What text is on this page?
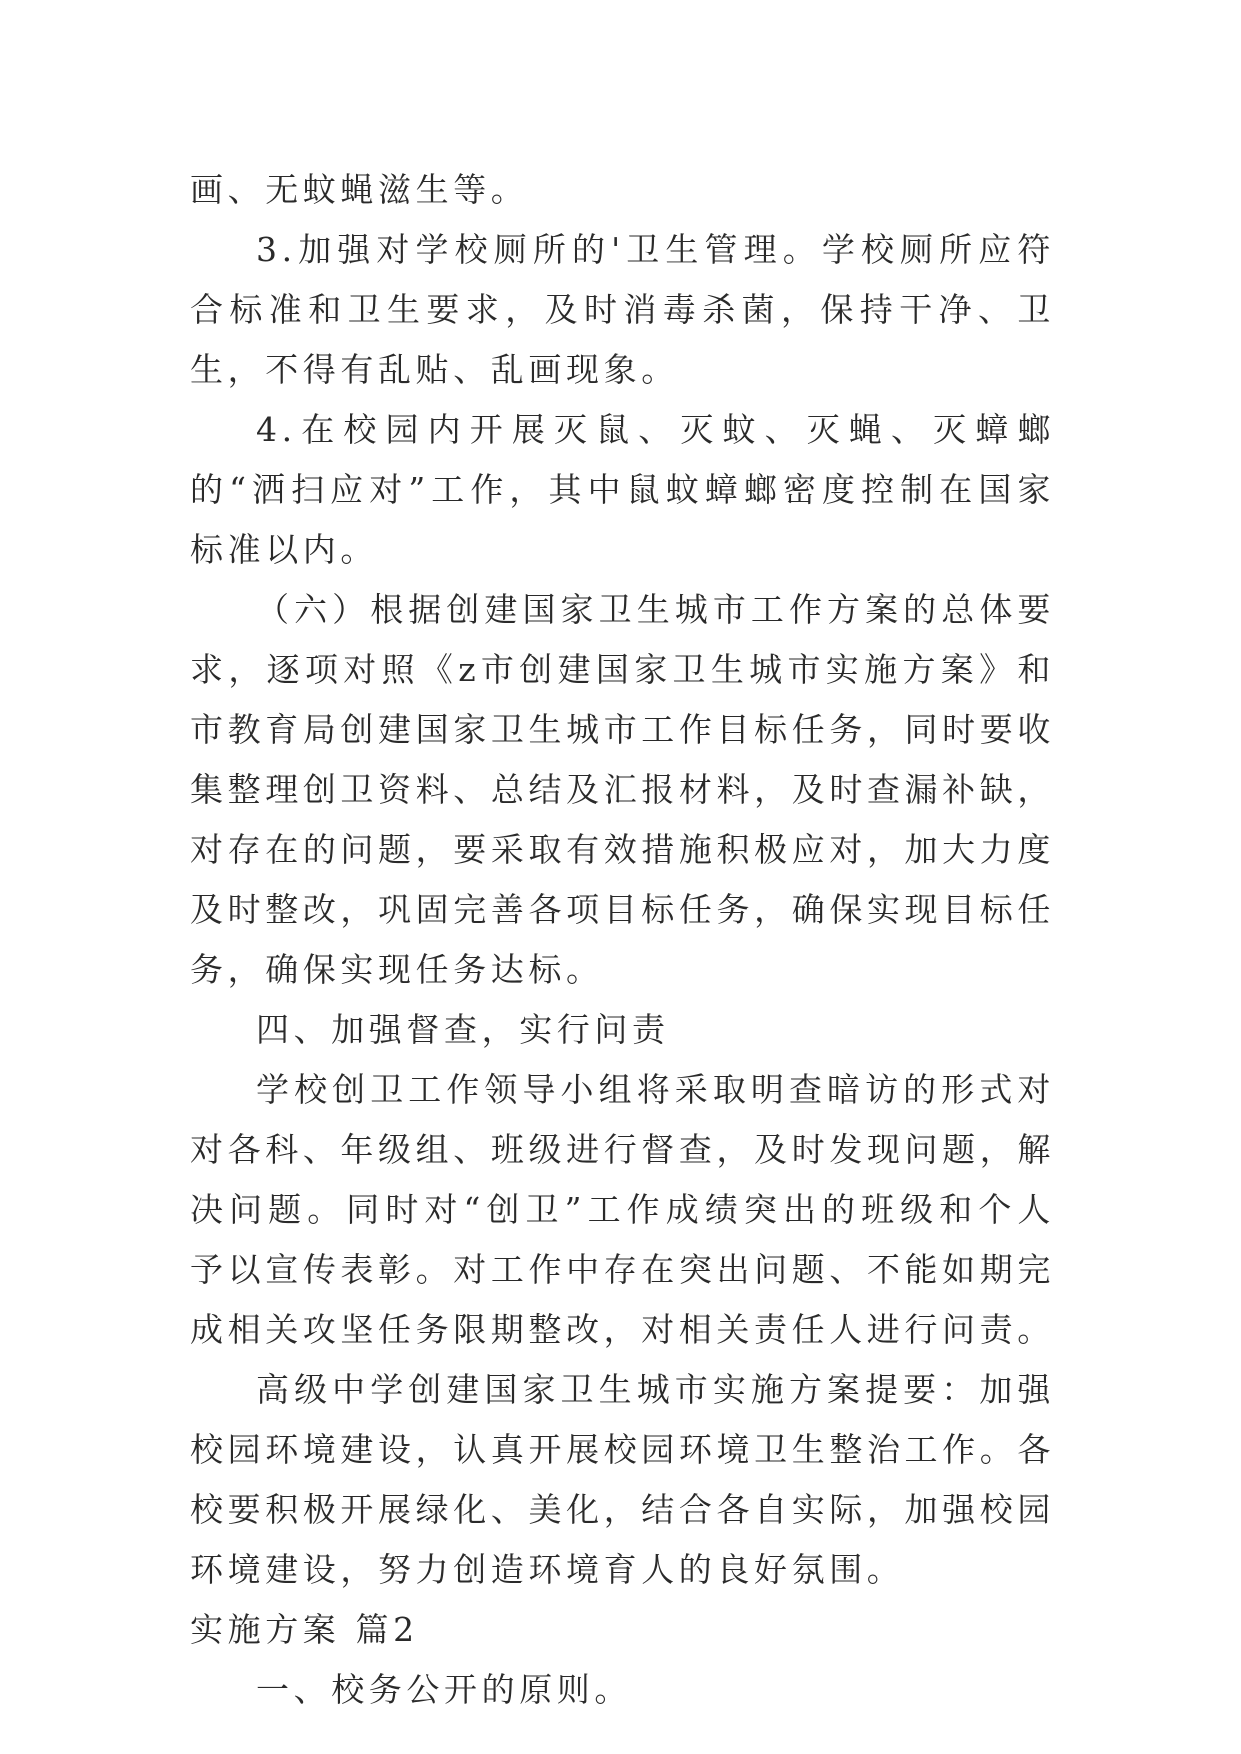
画、无蚊蝇滋生等。

3.加强对学校厕所的'卫生管理。学校厕所应符合标准和卫生要求，及时消毒杀菌，保持干净、卫生，不得有乱贴、乱画现象。

4.在校园内开展灭鼠、灭蚊、灭蝇、灭蟑螂的“洒扫应对”工作，其中鼠蚊蟑螂密度控制在国家标准以内。

（六）根据创建国家卫生城市工作方案的总体要求，逐项对照《z市创建国家卫生城市实施方案》和市教育局创建国家卫生城市工作目标任务，同时要收集整理创卫资料、总结及汇报材料，及时查漏补缺，对存在的问题，要采取有效措施积极应对，加大力度及时整改，巩固完善各项目标任务，确保实现目标任务，确保实现任务达标。

四、加强督查，实行问责

学校创卫工作领导小组将采取明查暗访的形式对对各科、年级组、班级进行督查，及时发现问题，解决问题。同时对“创卫”工作成绩突出的班级和个人予以宣传表彰。对工作中存在突出问题、不能如期完成相关攻坚任务限期整改，对相关责任人进行问责。

高级中学创建国家卫生城市实施方案提要：加强校园环境建设，认真开展校园环境卫生整治工作。各校要积极开展绿化、美化，结合各自实际，加强校园环境建设，努力创造环境育人的良好氛围。

实施方案 篇2

一、校务公开的原则。
